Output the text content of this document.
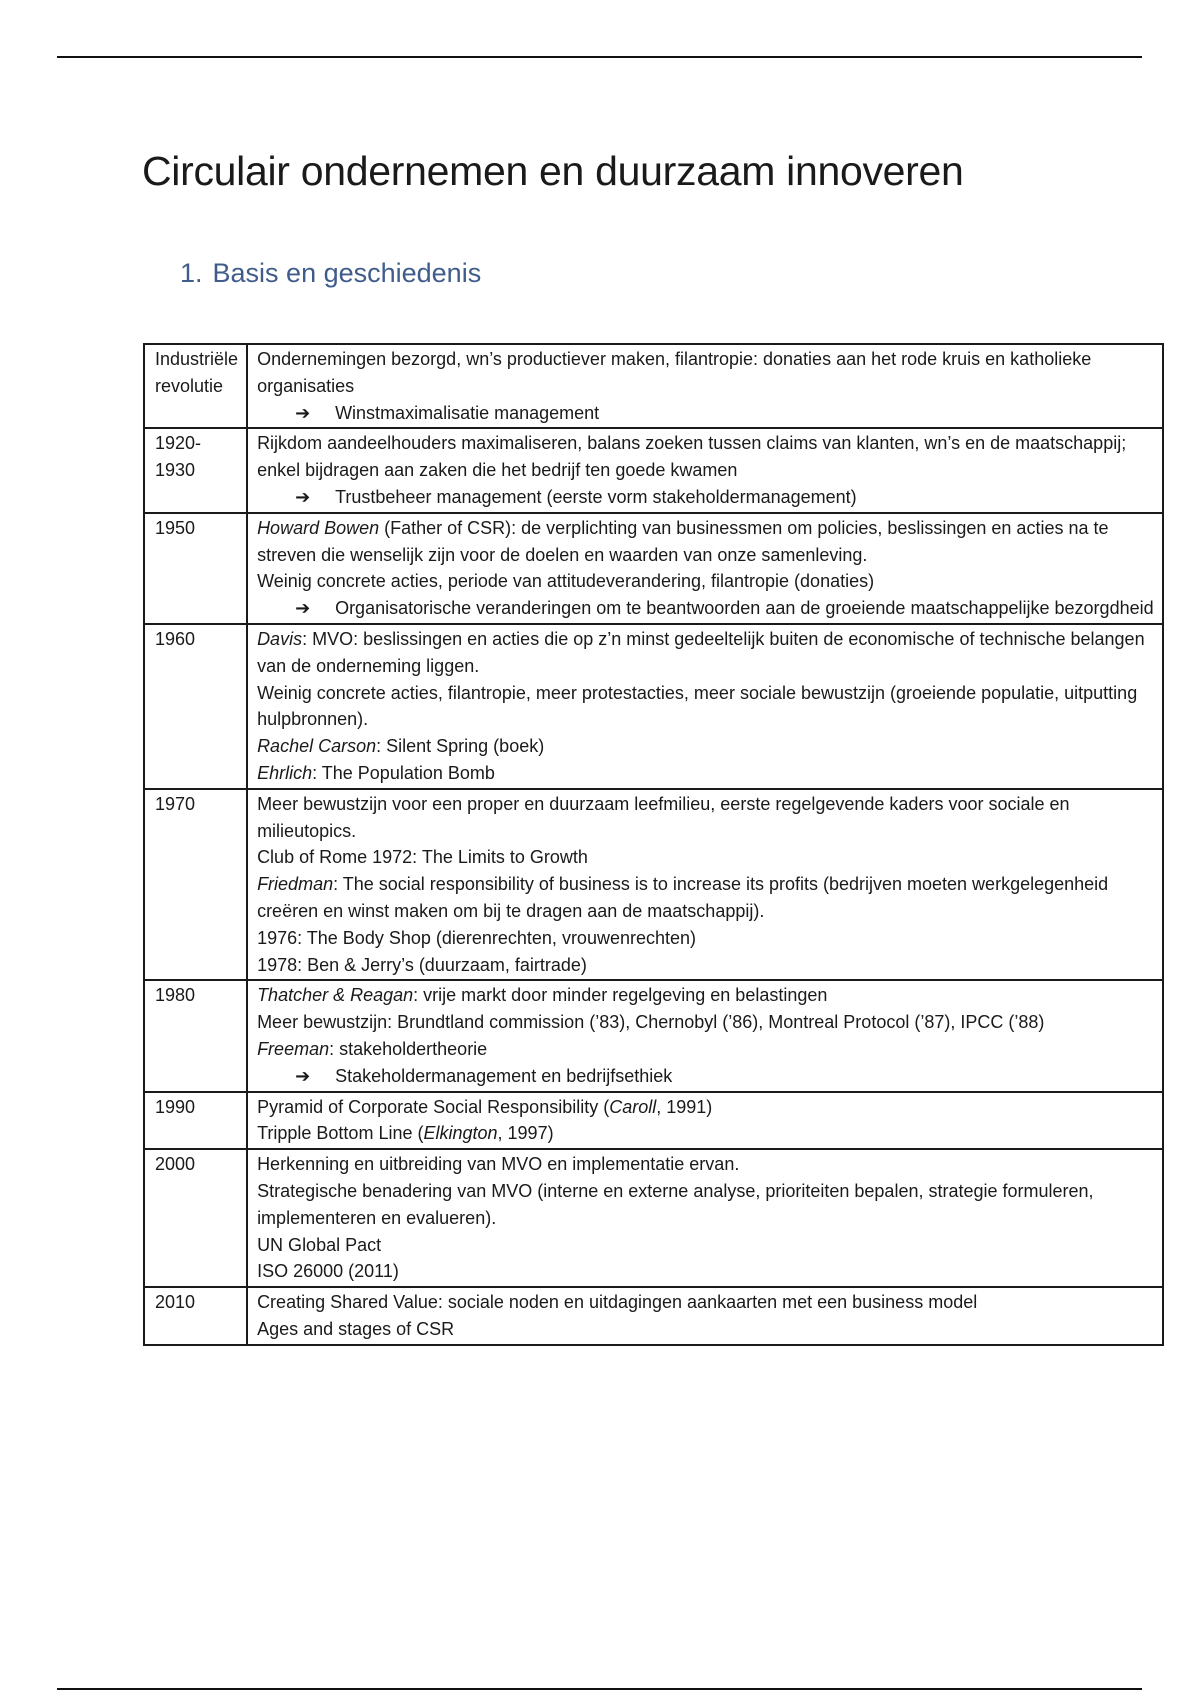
Circulair ondernemen en duurzaam innoveren
1. Basis en geschiedenis
Industriële revolutie	Ondernemingen bezorgd, wn’s productiever maken, filantropie: donaties aan het rode kruis en katholieke organisaties
➔ Winstmaximalisatie management

1920-1930	Rijkdom aandeelhouders maximaliseren, balans zoeken tussen claims van klanten, wn’s en de maatschappij; enkel bijdragen aan zaken die het bedrijf ten goede kwamen
➔ Trustbeheer management (eerste vorm stakeholdermanagement)

1950	Howard Bowen (Father of CSR): de verplichting van businessmen om policies, beslissingen en acties na te streven die wenselijk zijn voor de doelen en waarden van onze samenleving.
Weinig concrete acties, periode van attitudeverandering, filantropie (donaties)
➔ Organisatorische veranderingen om te beantwoorden aan de groeiende maatschappelijke bezorgdheid

1960	Davis: MVO: beslissingen en acties die op z’n minst gedeeltelijk buiten de economische of technische belangen van de onderneming liggen.
Weinig concrete acties, filantropie, meer protestacties, meer sociale bewustzijn (groeiende populatie, uitputting hulpbronnen).
Rachel Carson: Silent Spring (boek)
Ehrlich: The Population Bomb

1970	Meer bewustzijn voor een proper en duurzaam leefmilieu, eerste regelgevende kaders voor sociale en milieutopics.
Club of Rome 1972: The Limits to Growth
Friedman: The social responsibility of business is to increase its profits (bedrijven moeten werkgelegenheid creëren en winst maken om bij te dragen aan de maatschappij).
1976: The Body Shop (dierenrechten, vrouwenrechten)
1978: Ben & Jerry’s (duurzaam, fairtrade)

1980	Thatcher & Reagan: vrije markt door minder regelgeving en belastingen
Meer bewustzijn: Brundtland commission (’83), Chernobyl (’86), Montreal Protocol (’87), IPCC (’88)
Freeman: stakeholdertheorie
➔ Stakeholdermanagement en bedrijfsethiek

1990	Pyramid of Corporate Social Responsibility (Caroll, 1991)
Tripple Bottom Line (Elkington, 1997)

2000	Herkenning en uitbreiding van MVO en implementatie ervan.
Strategische benadering van MVO (interne en externe analyse, prioriteiten bepalen, strategie formuleren, implementeren en evalueren).
UN Global Pact
ISO 26000 (2011)

2010	Creating Shared Value: sociale noden en uitdagingen aankaarten met een business model
Ages and stages of CSR
